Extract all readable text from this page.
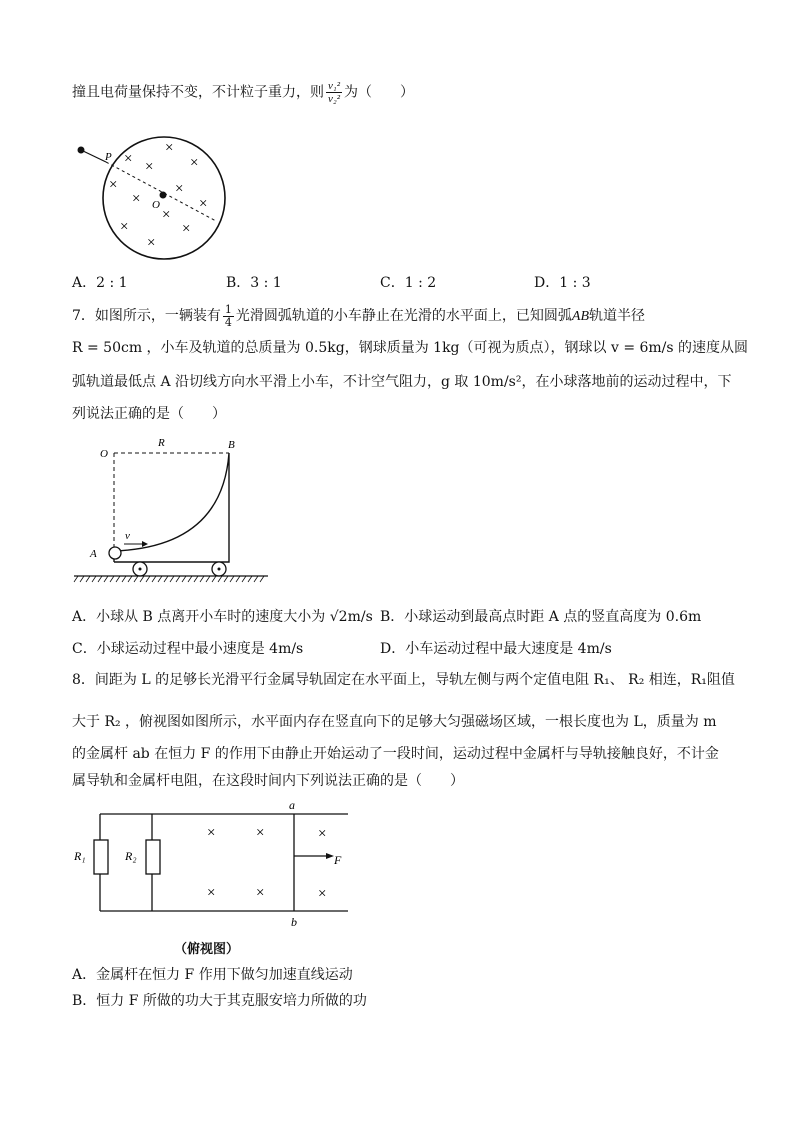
撞且电荷量保持不变，不计粒子重力，则 $\frac{\text{v₁²}}{\text{v₂²}}$ 为（　　）
P
O
×
× × ×
×	×
×	×
×
×	×
×
A．2 : 1	B．3 : 1	C．1 : 2	D．1 : 3
7．如图所示，一辆装有 $\frac{1}{4}$ 光滑圆弧轨道的小车静止在光滑的水平面上，已知圆弧AB轨道半径
R = 50cm ，小车及轨道的总质量为 0.5kg，钢球质量为 1kg（可视为质点），钢球以 v = 6m/s 的速度从圆
弧轨道最低点 A 沿切线方向水平滑上小车，不计空气阻力，g 取 10m/s²，在小球落地前的运动过程中，下
列说法正确的是（　　）
v
O
R	B
A
A．小球从 B 点离开小车时的速度大小为 √2m/s B．小球运动到最高点时距 A 点的竖直高度为 0.6m
C．小球运动过程中最小速度是 4m/s	D．小车运动过程中最大速度是 4m/s
8．间距为 L 的足够长光滑平行金属导轨固定在水平面上，导轨左侧与两个定值电阻 R₁、 R₂ 相连，R₁阻值
大于 R₂ ，俯视图如图所示，水平面内存在竖直向下的足够大匀强磁场区域，一根长度也为 L，质量为 m
的金属杆 ab 在恒力 F 的作用下由静止开始运动了一段时间，运动过程中金属杆与导轨接触良好，不计金
属导轨和金属杆电阻，在这段时间内下列说法正确的是（　　）
R₁	R₂
a
b
F
×	×	×
×	×	×
（俯视图）
A．金属杆在恒力 F 作用下做匀加速直线运动
B．恒力 F 所做的功大于其克服安培力所做的功
